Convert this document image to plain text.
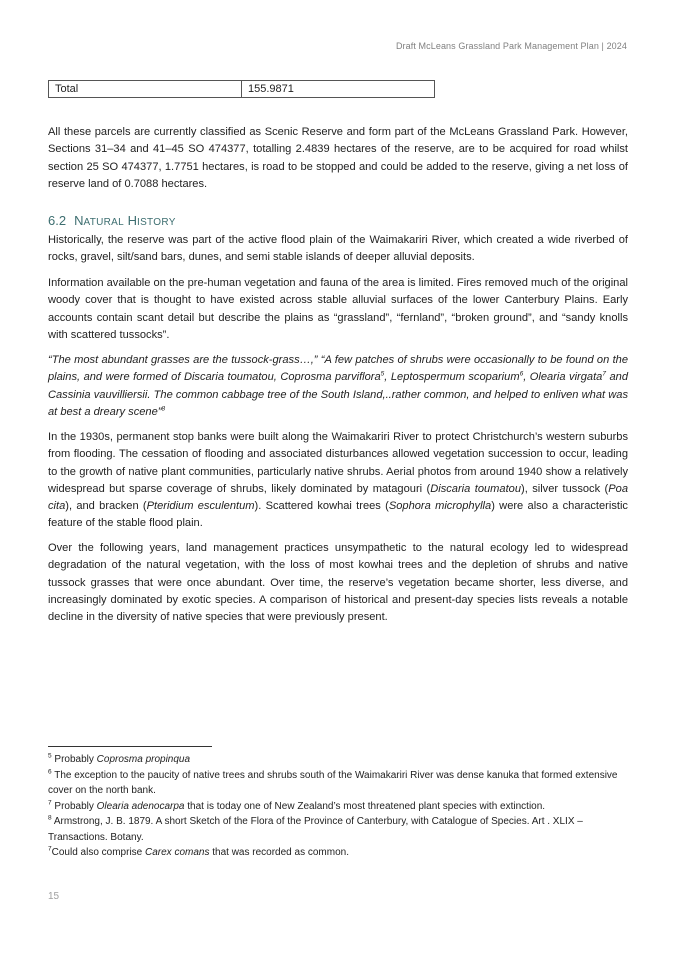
Draft McLeans Grassland Park Management Plan | 2024
Total	155.9871

All these parcels are currently classified as Scenic Reserve and form part of the McLeans Grassland Park. However, Sections 31–34 and 41–45 SO 474377, totalling 2.4839 hectares of the reserve, are to be acquired for road whilst section 25 SO 474377, 1.7751 hectares, is road to be stopped and could be added to the reserve, giving a net loss of reserve land of 0.7088 hectares.

6.2 NATURAL HISTORY

Historically, the reserve was part of the active flood plain of the Waimakariri River, which created a wide riverbed of rocks, gravel, silt/sand bars, dunes, and semi stable islands of deeper alluvial deposits.

Information available on the pre-human vegetation and fauna of the area is limited. Fires removed much of the original woody cover that is thought to have existed across stable alluvial surfaces of the lower Canterbury Plains. Early accounts contain scant detail but describe the plains as “grassland”, “fernland”, “broken ground”, and “sandy knolls with scattered tussocks”.

“The most abundant grasses are the tussock-grass…,” “A few patches of shrubs were occasionally to be found on the plains, and were formed of Discaria toumatou, Coprosma parviflora$^5$, Leptospermum scoparium$^6$, Olearia virgata$^7$ and Cassinia vauvilliersii. The common cabbage tree of the South Island,..rather common, and helped to enliven what was at best a dreary scene”$^8$

In the 1930s, permanent stop banks were built along the Waimakariri River to protect Christchurch’s western suburbs from flooding. The cessation of flooding and associated disturbances allowed vegetation succession to occur, leading to the growth of native plant communities, particularly native shrubs. Aerial photos from around 1940 show a relatively widespread but sparse coverage of shrubs, likely dominated by matagouri (Discaria toumatou), silver tussock (Poa cita), and bracken (Pteridium esculentum). Scattered kowhai trees (Sophora microphylla) were also a characteristic feature of the stable flood plain.

Over the following years, land management practices unsympathetic to the natural ecology led to widespread degradation of the natural vegetation, with the loss of most kowhai trees and the depletion of shrubs and native tussock grasses that were once abundant. Over time, the reserve’s vegetation became shorter, less diverse, and increasingly dominated by exotic species. A comparison of historical and present-day species lists reveals a notable decline in the diversity of native species that were previously present.

$^5$ Probably Coprosma propinqua

$^6$ The exception to the paucity of native trees and shrubs south of the Waimakariri River was dense kanuka that formed extensive cover on the north bank.

$^7$ Probably Olearia adenocarpa that is today one of New Zealand’s most threatened plant species with extinction.

$^8$ Armstrong, J. B. 1879. A short Sketch of the Flora of the Province of Canterbury, with Catalogue of Species. Art . XLIX – Transactions. Botany.

$^7$Could also comprise Carex comans that was recorded as common.

15
